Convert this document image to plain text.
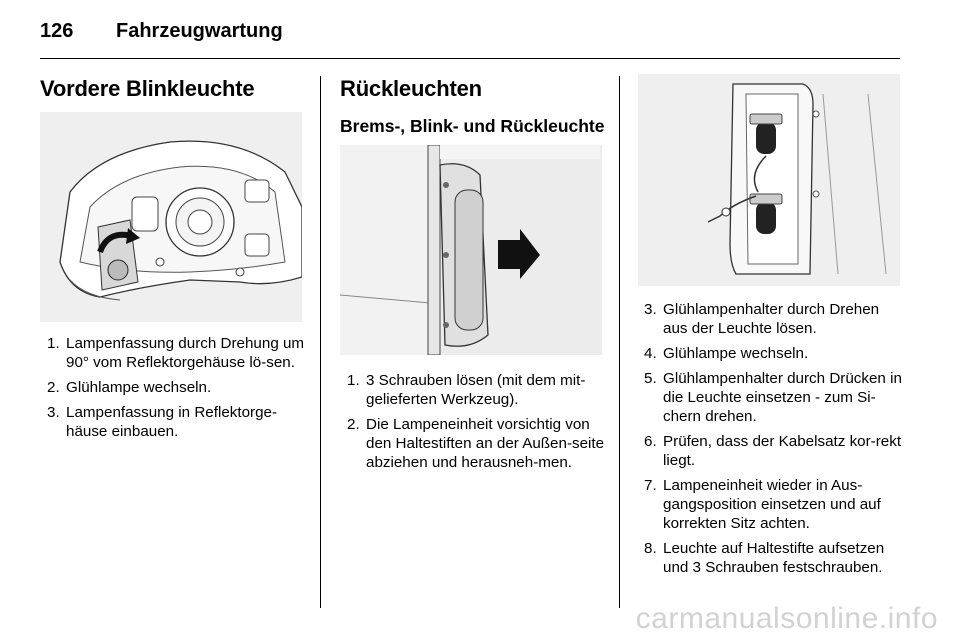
126	Fahrzeugwartung
Vordere Blinkleuchte
1. Lampenfassung durch Drehung um 90° vom Reflektorgehäuse lö-sen.
2. Glühlampe wechseln.
3. Lampenfassung in Reflektorge-häuse einbauen.
Rückleuchten
Brems-, Blink- und Rückleuchte
1. 3 Schrauben lösen (mit dem mit-gelieferten Werkzeug).
2. Die Lampeneinheit vorsichtig von den Haltestiften an der Außen-seite abziehen und herausneh-men.
3. Glühlampenhalter durch Drehen aus der Leuchte lösen.
4. Glühlampe wechseln.
5. Glühlampenhalter durch Drücken in die Leuchte einsetzen - zum Si-chern drehen.
6. Prüfen, dass der Kabelsatz kor-rekt liegt.
7. Lampeneinheit wieder in Aus-gangsposition einsetzen und auf korrekten Sitz achten.
8. Leuchte auf Haltestifte aufsetzen und 3 Schrauben festschrauben.
carmanualsonline.info
